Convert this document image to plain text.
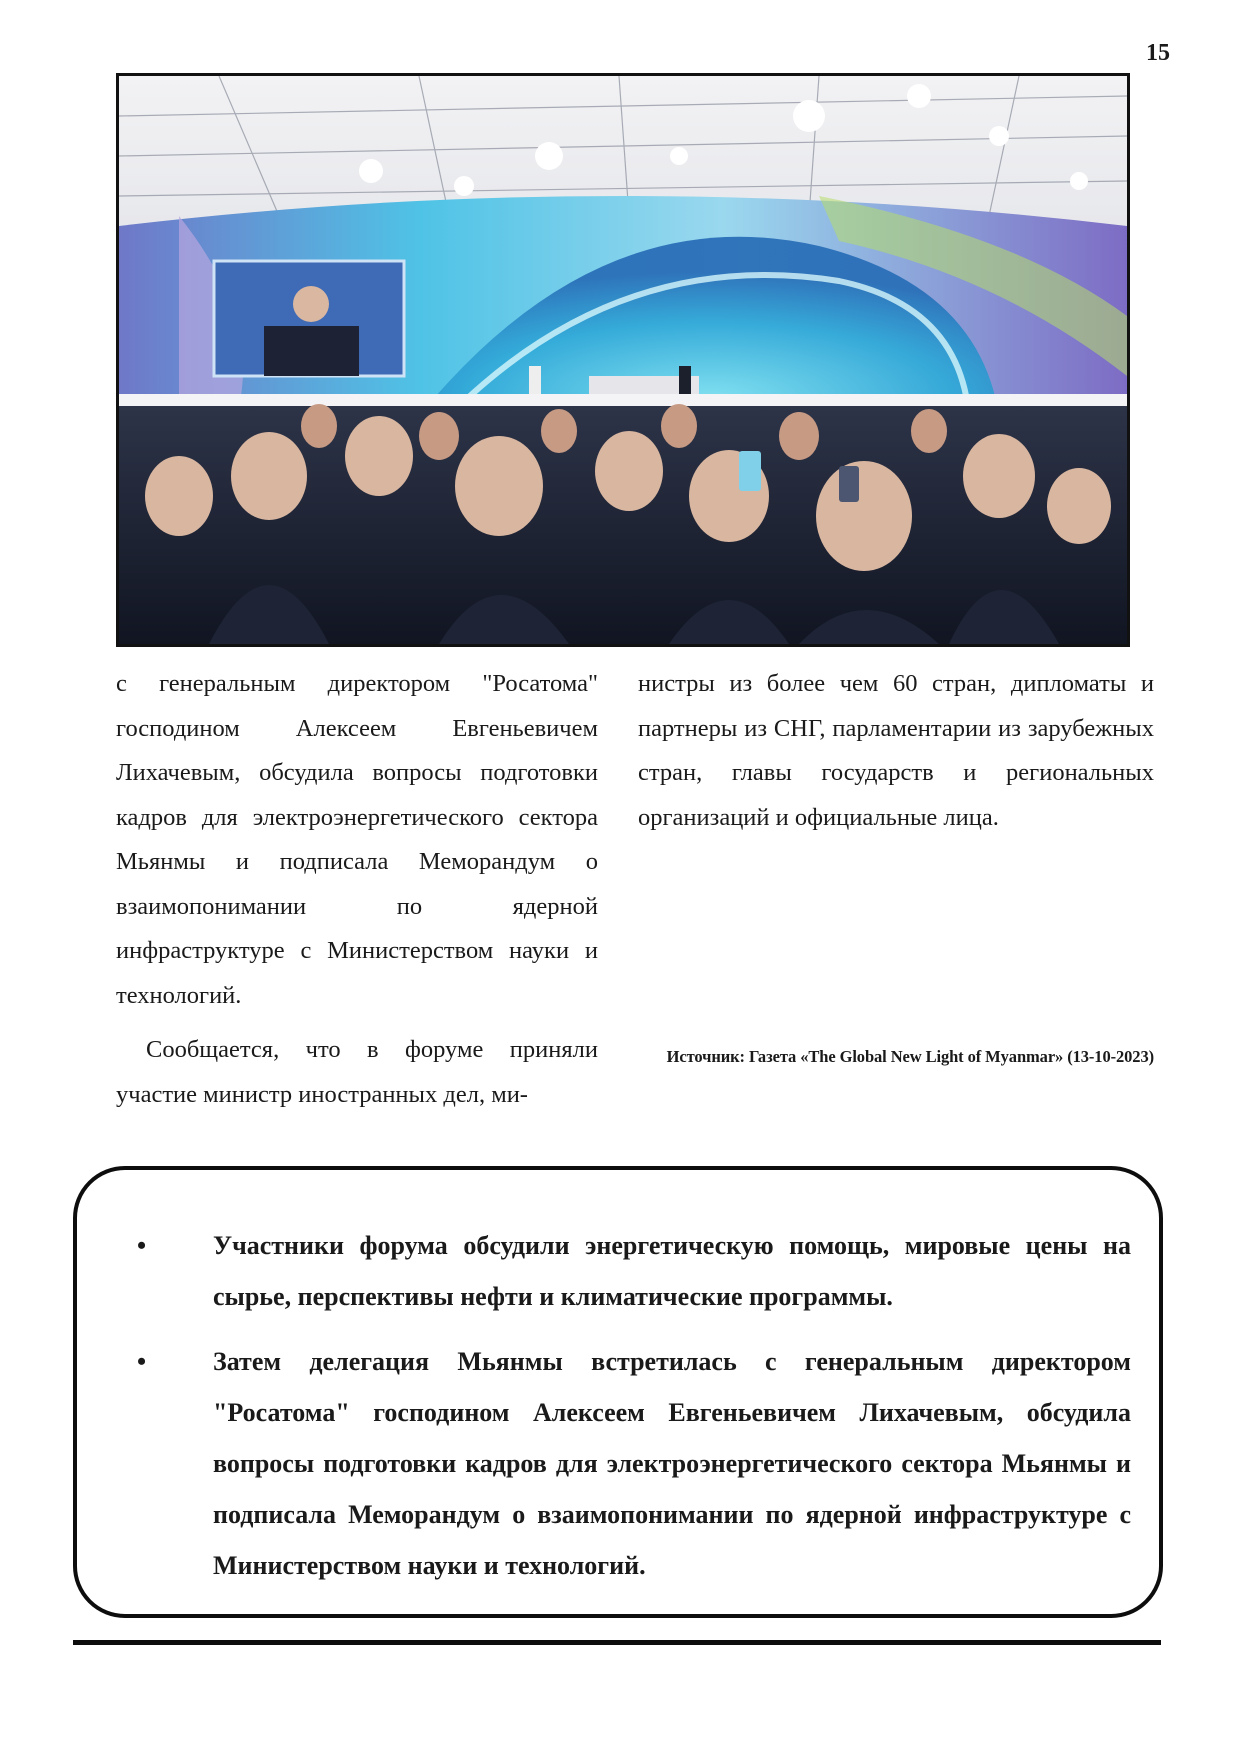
15

с генеральным директором "Росатома" господином Алексеем Евгеньевичем Лихачевым, обсудила вопросы подготовки кадров для электроэнергетического сектора Мьянмы и подписала Меморандум о взаимопонимании по ядерной инфраструктуре с Министерством науки и технологий.

Сообщается, что в форуме приняли участие министр иностранных дел, ми-

нистры из более чем 60 стран, дипломаты и партнеры из СНГ, парламентарии из зарубежных стран, главы государств и региональных организаций и официальные лица.

Источник: Газета «The Global New Light of Myanmar» (13-10-2023)
•	Участники форума обсудили энергетическую помощь, мировые цены на сырье, перспективы нефти и климатические программы.
•	Затем делегация Мьянмы встретилась с генеральным директором "Росатома" господином Алексеем Евгеньевичем Лихачевым, обсудила вопросы подготовки кадров для электроэнергетического сектора Мьянмы и подписала Меморандум о взаимопонимании по ядерной инфраструктуре с Министерством науки и технологий.
